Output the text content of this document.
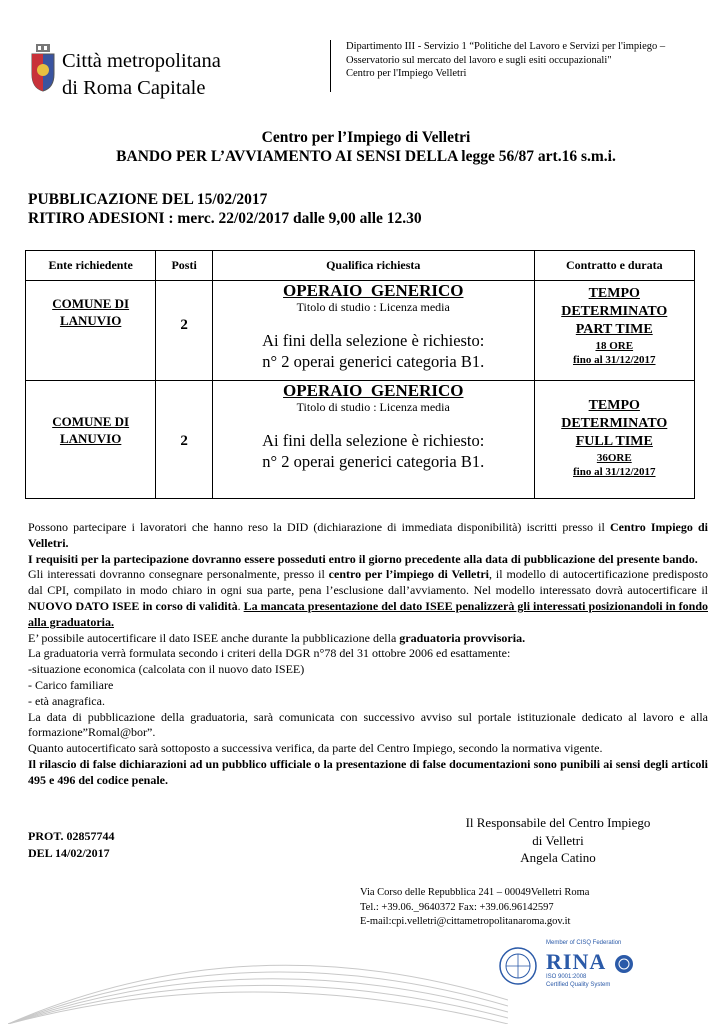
Città metropolitana
di Roma Capitale
Dipartimento III - Servizio 1 “Politiche del Lavoro e Servizi per l'impiego –
Osservatorio sul mercato del lavoro e sugli esiti occupazionali"
Centro per l'Impiego Velletri
Centro per l’Impiego di Velletri
BANDO PER L’AVVIAMENTO AI SENSI DELLA legge 56/87 art.16 s.m.i.
PUBBLICAZIONE DEL 15/02/2017
RITIRO ADESIONI : merc. 22/02/2017 dalle 9,00 alle 12.30
Ente richiedente	Posti	Qualifica richiesta	Contratto e durata

COMUNE DI
LANUVIO	2	OPERAIO  GENERICO
Titolo di studio : Licenza media
Ai fini della selezione è richiesto:
n° 2 operai generici categoria B1.	TEMPO
DETERMINATO
PART TIME
18 ORE
fino al 31/12/2017

COMUNE DI
LANUVIO	2	OPERAIO  GENERICO
Titolo di studio : Licenza media
Ai fini della selezione è richiesto:
n° 2 operai generici categoria B1.	TEMPO
DETERMINATO
FULL TIME
36ORE
fino al 31/12/2017

Possono partecipare i lavoratori che hanno reso la DID (dichiarazione di immediata disponibilità) iscritti presso il Centro Impiego di Velletri.

I requisiti per la partecipazione dovranno essere posseduti entro il giorno precedente alla data di pubblicazione del presente bando.

Gli interessati dovranno consegnare personalmente, presso il centro per l’impiego di Velletri, il modello di autocertificazione predisposto dal CPI, compilato in modo chiaro in ogni sua parte, pena l’esclusione dall’avviamento. Nel modello interessato dovrà autocertificare il NUOVO DATO ISEE in corso di validità. La mancata presentazione del dato ISEE penalizzerà gli interessati posizionandoli in fondo alla graduatoria.

E’ possibile autocertificare il dato ISEE anche durante la pubblicazione della graduatoria provvisoria.

La graduatoria verrà formulata secondo i criteri della DGR n°78 del 31 ottobre 2006 ed esattamente:

-situazione economica (calcolata con il nuovo dato ISEE)

- Carico familiare

- età anagrafica.

La data di pubblicazione della graduatoria, sarà comunicata con successivo avviso sul portale istituzionale dedicato al lavoro e alla formazione”Romal@bor”.

Quanto autocertificato sarà sottoposto a successiva verifica, da parte del Centro Impiego, secondo la normativa vigente.

Il rilascio di false dichiarazioni ad un pubblico ufficiale o la presentazione di false documentazioni sono punibili ai sensi degli articoli 495 e 496 del codice penale.

PROT. 02857744
DEL 14/02/2017
Il Responsabile del Centro Impiego
di Velletri
Angela Catino
Via Corso delle Repubblica 241 – 00049Velletri Roma
Tel.: +39.06._9640372 Fax: +39.06.96142597
E-mail:cpi.velletri@cittametropolitanaroma.gov.it
Member of CISQ Federation
RINA
ISO 9001:2008
Certified Quality System
